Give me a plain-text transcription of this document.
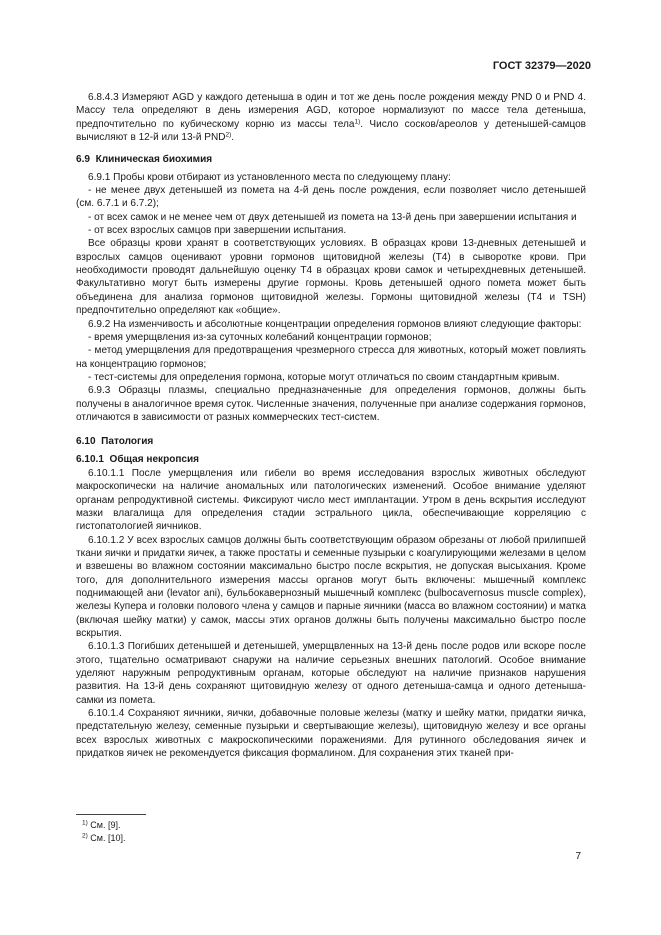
ГОСТ 32379—2020

6.8.4.3 Измеряют AGD у каждого детеныша в один и тот же день после рождения между PND 0 и PND 4. Массу тела определяют в день измерения AGD, которое нормализуют по массе тела детеныша, предпочтительно по кубическому корню из массы тела$^{1)}$. Число сосков/ареолов у детенышей-самцов вычисляют в 12-й или 13-й PND$^{2)}$.

6.9 Клиническая биохимия

6.9.1 Пробы крови отбирают из установленного места по следующему плану:

- не менее двух детенышей из помета на 4-й день после рождения, если позволяет число детенышей (см. 6.7.1 и 6.7.2);

- от всех самок и не менее чем от двух детенышей из помета на 13-й день при завершении испытания и

- от всех взрослых самцов при завершении испытания.

Все образцы крови хранят в соответствующих условиях. В образцах крови 13-дневных детенышей и взрослых самцов оценивают уровни гормонов щитовидной железы (T4) в сыворотке крови. При необходимости проводят дальнейшую оценку T4 в образцах крови самок и четырехдневных детенышей. Факультативно могут быть измерены другие гормоны. Кровь детенышей одного помета может быть объединена для анализа гормонов щитовидной железы. Гормоны щитовидной железы (T4 и TSH) предпочтительно определяют как «общие».

6.9.2 На изменчивость и абсолютные концентрации определения гормонов влияют следующие факторы:

- время умерщвления из-за суточных колебаний концентрации гормонов;

- метод умерщвления для предотвращения чрезмерного стресса для животных, который может повлиять на концентрацию гормонов;

- тест-системы для определения гормона, которые могут отличаться по своим стандартным кривым.

6.9.3 Образцы плазмы, специально предназначенные для определения гормонов, должны быть получены в аналогичное время суток. Численные значения, полученные при анализе содержания гормонов, отличаются в зависимости от разных коммерческих тест-систем.

6.10 Патология
6.10.1 Общая некропсия

6.10.1.1 После умерщвления или гибели во время исследования взрослых животных обследуют макроскопически на наличие аномальных или патологических изменений. Особое внимание уделяют органам репродуктивной системы. Фиксируют число мест имплантации. Утром в день вскрытия исследуют мазки влагалища для определения стадии эстрального цикла, обеспечивающие корреляцию с гистопатологией яичников.

6.10.1.2 У всех взрослых самцов должны быть соответствующим образом обрезаны от любой прилипшей ткани яички и придатки яичек, а также простаты и семенные пузырьки с коагулирующими железами в целом и взвешены во влажном состоянии максимально быстро после вскрытия, не допуская высыхания. Кроме того, для дополнительного измерения массы органов могут быть включены: мышечный комплекс поднимающей ани (levator ani), бульбокавернозный мышечный комплекс (bulbocavernosus muscle complex), железы Купера и головки полового члена у самцов и парные яичники (масса во влажном состоянии) и матка (включая шейку матки) у самок, массы этих органов должны быть получены максимально быстро после вскрытия.

6.10.1.3 Погибших детенышей и детенышей, умерщвленных на 13-й день после родов или вскоре после этого, тщательно осматривают снаружи на наличие серьезных внешних патологий. Особое внимание уделяют наружным репродуктивным органам, которые обследуют на наличие признаков нарушения развития. На 13-й день сохраняют щитовидную железу от одного детеныша-самца и одного детеныша-самки из помета.

6.10.1.4 Сохраняют яичники, яички, добавочные половые железы (матку и шейку матки, придатки яичка, предстательную железу, семенные пузырьки и свертывающие железы), щитовидную железу и все органы всех взрослых животных с макроскопическими поражениями. Для рутинного обследования яичек и придатков яичек не рекомендуется фиксация формалином. Для сохранения этих тканей при-

$^{1)}$ См. [9].
$^{2)}$ См. [10].
7
